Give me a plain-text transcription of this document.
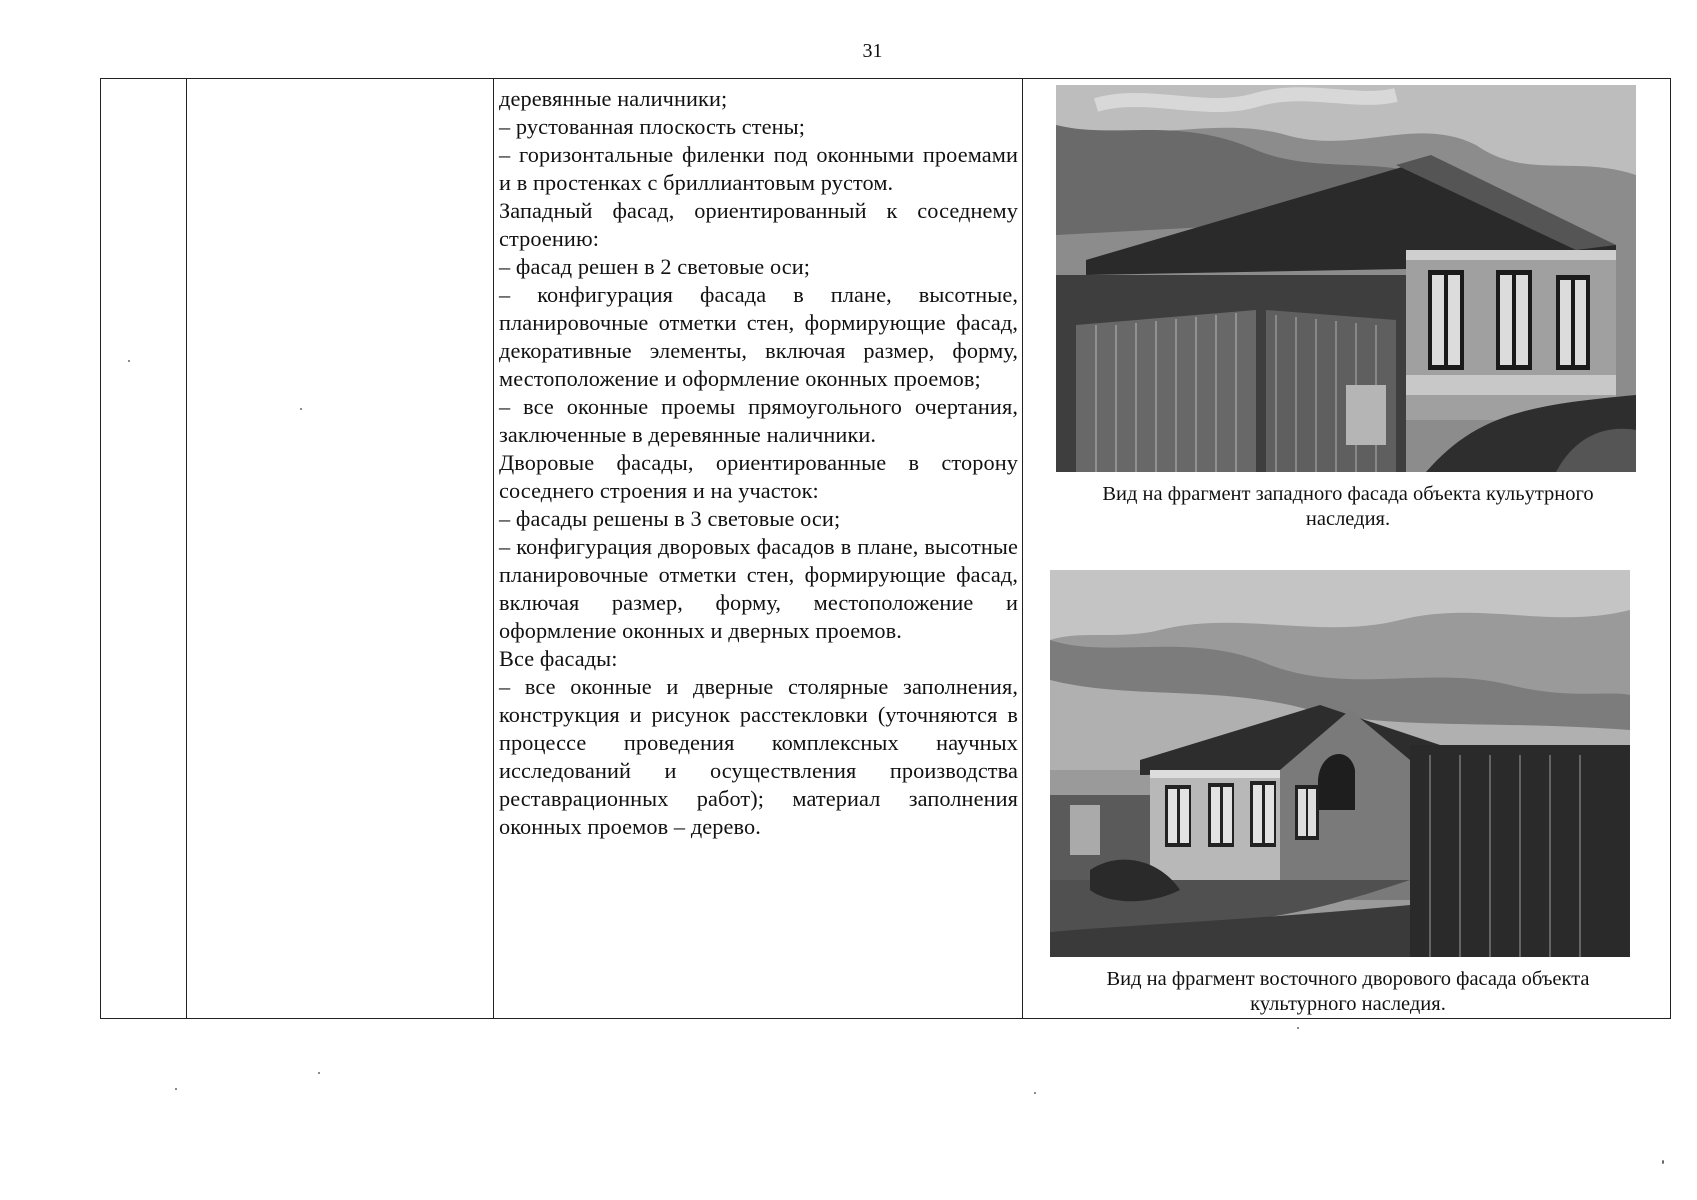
31

деревянные наличники;

– рустованная плоскость стены;

– горизонтальные филенки под оконными проемами и в простенках с бриллиантовым рустом.

Западный фасад, ориентированный к соседнему строению:

– фасад решен в 2 световые оси;

– конфигурация фасада в плане, высотные, планировочные отметки стен, формирующие фасад, декоративные элементы, включая размер, форму, местоположение и оформление оконных проемов;

– все оконные проемы прямоугольного очертания, заключенные в деревянные наличники.

Дворовые фасады, ориентированные в сторону соседнего строения и на участок:

– фасады решены в 3 световые оси;

– конфигурация дворовых фасадов в плане, высотные планировочные отметки стен, формирующие фасад, включая размер, форму, местоположение и оформление оконных и дверных проемов.

Все фасады:

– все оконные и дверные столярные заполнения, конструкция и рисунок расстекловки (уточняются в процессе проведения комплексных научных исследований и осуществления производства реставрационных работ); материал заполнения оконных проемов – дерево.

Вид на фрагмент западного фасада объекта кульутрного наследия.
Вид на фрагмент восточного дворового фасада объекта культурного наследия.
